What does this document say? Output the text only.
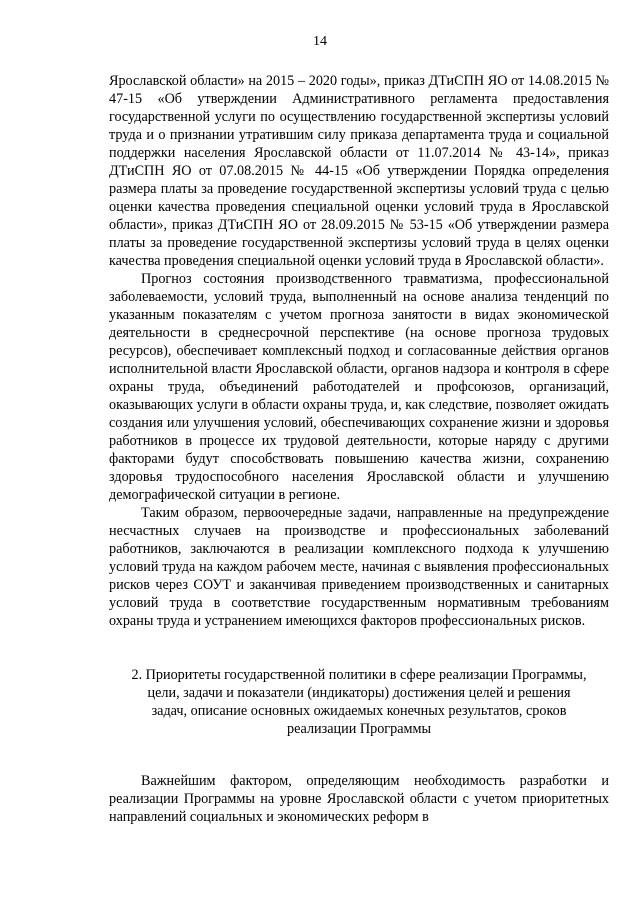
14

Ярославской области» на 2015 – 2020 годы», приказ ДТиСПН ЯО от 14.08.2015 № 47-15 «Об утверждении Административного регламента предоставления государственной услуги по осуществлению государственной экспертизы условий труда и о признании утратившим силу приказа департамента труда и социальной поддержки населения Ярославской области от 11.07.2014 № 43-14», приказ ДТиСПН ЯО от 07.08.2015 № 44-15 «Об утверждении Порядка определения размера платы за проведение государственной экспертизы условий труда с целью оценки качества проведения специальной оценки условий труда в Ярославской области», приказ ДТиСПН ЯО от 28.09.2015 № 53-15 «Об утверждении размера платы за проведение государственной экспертизы условий труда в целях оценки качества проведения специальной оценки условий труда в Ярославской области».

Прогноз состояния производственного травматизма, профессиональной заболеваемости, условий труда, выполненный на основе анализа тенденций по указанным показателям с учетом прогноза занятости в видах экономической деятельности в среднесрочной перспективе (на основе прогноза трудовых ресурсов), обеспечивает комплексный подход и согласованные действия органов исполнительной власти Ярославской области, органов надзора и контроля в сфере охраны труда, объединений работодателей и профсоюзов, организаций, оказывающих услуги в области охраны труда, и, как следствие, позволяет ожидать создания или улучшения условий, обеспечивающих сохранение жизни и здоровья работников в процессе их трудовой деятельности, которые наряду с другими факторами будут способствовать повышению качества жизни, сохранению здоровья трудоспособного населения Ярославской области и улучшению демографической ситуации в регионе.

Таким образом, первоочередные задачи, направленные на предупреждение несчастных случаев на производстве и профессиональных заболеваний работников, заключаются в реализации комплексного подхода к улучшению условий труда на каждом рабочем месте, начиная с выявления профессиональных рисков через СОУТ и заканчивая приведением производственных и санитарных условий труда в соответствие государственным нормативным требованиям охраны труда и устранением имеющихся факторов профессиональных рисков.

2. Приоритеты государственной политики в сфере реализации Программы, цели, задачи и показатели (индикаторы) достижения целей и решения задач, описание основных ожидаемых конечных результатов, сроков реализации Программы

Важнейшим фактором, определяющим необходимость разработки и реализации Программы на уровне Ярославской области с учетом приоритетных направлений социальных и экономических реформ в
